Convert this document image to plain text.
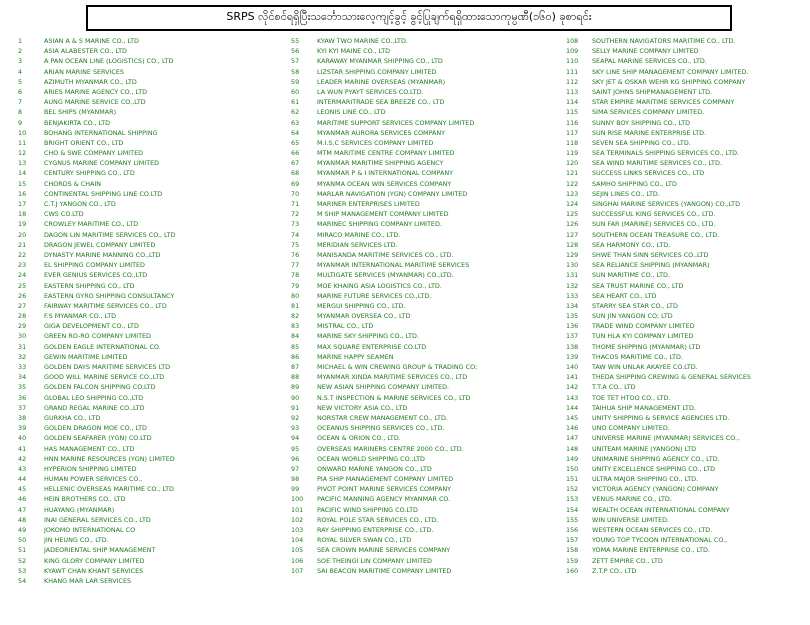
SRPS လိုင်စင်ရရှိပြီးသင်္ဘောသားလေ့ကျင့်ခွင့် ခွင့်ပြုချက်ရရှိထားသောကုမ္ပဏီ(၁၆၀) ခုစာရင်း
1	ASIAN A & S MARINE CO., LTD
2	ASIA ALABESTER CO., LTD
3	A PAN OCEAN LINE (LOGISTICS) CO., LTD
4	ARIAN MARINE SERVICES
5	AZIMUTH MYANMAR CO., LTD
6	ARIES MARINE AGENCY CO., LTD
7	AUNG MARINE SERVICE CO.,LTD
8	BEL SHIPS (MYANMAR)
9	BENJAKIRTA CO., LTD
10	BOHANG INTERNATIONAL SHIPPING
11	BRIGHT ORIENT CO., LTD
12	CHO & SWE COMPANY LIMITED
13	CYGNUS MARINE COMPANY LIMITED
14	CENTURY SHIPPING CO., LTD
15	CHORDS & CHAIN
16	CONTINENTAL SHIPPING LINE CO.LTD
17	C.T.J YANGON CO., LTD
18	CWS CO.LTD
19	CROWLEY MARITIME CO., LTD
20	DAGON LIN MARITIME SERVICES CO., LTD
21	DRAGON JEWEL COMPANY LIMITED
22	DYNASTY MARINE MANNING CO.,LTD
23	EL SHIPPING COMPANY LIMITED
24	EVER GENIUS SERVICES CO.,LTD
25	EASTERN SHIPPING CO., LTD
26	EASTERN GYRO SHIPPING CONSULTANCY
27	FAIRWAY MARITIME SERVICES CO., LTD
28	F.S MYANMAR CO., LTD
29	GIGA DEVELOPMENT CO., LTD
30	GREEN RO-RO COMPANY LIMITED
31	GOLDEN EAGLE INTERNATIONAL CO.
32	GEWIN MARITIME LIMITED
33	GOLDEN DAYS MARITIME SERVICES LTD
34	GOOD WILL MARINE SERVICE CO.,LTD
35	GOLDEN FALCON SHIPPING CO.LTD
36	GLOBAL LEO SHIPPING CO.,LTD
37	GRAND REGAL MARINE CO.,LTD
38	GURKHA CO., LTD
39	GOLDEN DRAGON MOE CO., LTD
40	GOLDEN SEAFARER (YGN) CO.LTD
41	HAS MANAGEMENT CO., LTD
42	HNN MARINE RESOURCES (YGN) LIMITED
43	HYPERION SHIPPING LIMITED
44	HUMAN POWER SERVICES CO.,
45	HELLENIC OVERSEAS MARITIME CO., LTD
46	HEIN BROTHERS CO., LTD
47	HUAYANG (MYANMAR)
48	INAI GENERAL SERVICES CO., LTD
49	JOKOMO INTERNATIONAL CO
50	JIN HEUNG CO., LTD.
51	JADEORIENTAL SHIP MANAGEMENT
52	KING GLORY COMPANY LIMITED
53	KYAWT CHAN KHANT SERVICES
54	KHANG MAR LAR SERVICES
55	KYAW TWO MARINE CO.,LTD.
56	KYI KYI MAINE CO., LTD
57	KARAWAY MYANMAR SHIPPING CO., LTD
58	LIZSTAR SHIPPING COMPANY LIMITED
59	LEADER MARINE OVERSEAS (MYANMAR)
60	LA WUN PYAYT SERVICES CO.LTD.
61	INTERMARITRADE SEA BREEZE CO., LTD
62	LEONIS LINE CO., LTD
63	MARITIME SUPPORT SERVICES COMPANY LIMITED
64	MYANMAR AURORA SERVICES COMPANY
65	M.I.S.C SERVICES COMPANY LIMITED
66	MTM MARITIME CENTRE COMPANY LIMITED
67	MYANMAR MARITIME SHIPPING AGENCY
68	MYANMAR P & I INTERNATIONAL COMPANY
69	MYANMA OCEAN WIN SERVICES COMPANY
70	MARLAR NAVIGATION (YGN) COMPANY LIMITED
71	MARINER ENTERPRISES LIMITED
72	M SHIP MANAGEMENT COMPANY LIMITED
73	MARINEC SHIPPING COMPANY LIMITED.
74	MIRACO MARINE CO., LTD.
75	MERIDIAN SERVICES LTD.
76	MANISANDA MARITIME SERVICES CO., LTD.
77	MYANMAR INTERNATIONAL MARITIME SERVICES
78	MULTIGATE SERVICES (MYANMAR) CO.,LTD.
79	MOE KHAING ASIA LOGISTICS CO., LTD.
80	MARINE FUTURE SERVICES CO.,LTD.
81	MERGUI SHIPPING CO., LTD.
82	MYANMAR OVERSEA CO., LTD
83	MISTRAL CO., LTD
84	MARINE SKY SHIPPING CO., LTD.
85	MAX SQUARE ENTERPRISE CO.LTD
86	MARINE HAPPY SEAMEN
87	MICHAEL & WIN CREWING GROUP & TRADING CO;
88	MYANMAR XINDA MARITIME SERVICES CO., LTD
89	NEW ASIAN SHIPPING COMPANY LIMITED.
90	N.S.T INSPECTION & MARINE SERVICES CO., LTD
91	NEW VICTORY ASIA CO., LTD
92	NORSTAR CREW MANAGEMENT CO., LTD.
93	OCEANUS SHIPPING SERVICES CO., LTD.
94	OCEAN & ORION CO., LTD.
95	OVERSEAS MARINERS CENTRE 2000 CO., LTD.
96	OCEAN WORLD SHIPPING CO.,LTD
97	ONWARD MARINE YANGON CO., LTD
98	PIA SHIP MANAGEMENT COMPANY LIMITED
99	PIVOT POINT MARINE SERVICES COMPANY
100	PACIFIC MANNING AGENCY MYANMAR CO.
101	PACIFIC WIND SHIPPING CO.LTD
102	ROYAL POLE STAR SERVICES CO., LTD.
103	RAY SHIPPING ENTERPRISE CO., LTD.
104	ROYAL SILVER SWAN CO., LTD
105	SEA CROWN MARINE SERVICES COMPANY
106	SOE THEINGI LIN COMPANY LIMITED
107	SAI BEACON MARITIME COMPANY LIMITED
108	SOUTHERN NAVIGATORS MARITIME CO., LTD.
109	SELLY MARINE COMPANY LIMITED
110	SEAPAL MARINE SERVICES CO., LTD.
111	SKY LINE SHIP MANAGEMENT COMPANY LIMITED.
112	SKY JET & OSKAR WEHR KG SHIPPING COMPANY
113	SAINT JOHNS SHIPMANAGEMENT LTD.
114	STAR EMPIRE MARITIME SERVICES COMPANY
115	SIMA SERVICES COMPANY LIMITED.
116	SUNNY BOY SHIPPING CO., LTD
117	SUN RISE MARINE ENTERPRISE LTD.
118	SEVEN SEA SHIPPING CO., LTD.
119	SEA TERMINALS SHIPPING SERVICES CO., LTD.
120	SEA WIND MARITIME SERVICES CO., LTD.
121	SUCCESS LINKS SERVICES CO., LTD
122	SAMHO SHIPPING CO., LTD
123	SEJIN LINES CO., LTD.
124	SINGHAI MARINE SERVICES (YANGON) CO.,LTD
125	SUCCESSFUL KING SERVICES CO., LTD.
126	SUN FAR (MARINE) SERVICES CO., LTD.
127	SOUTHERN OCEAN TREASURE CO., LTD.
128	SEA HARMONY CO., LTD.
129	SHWE THAN SINN SERVICES CO.,LTD
130	SEA RELIANCE SHIPPING (MYANMAR)
131	SUN MARITIME CO., LTD.
132	SEA TRUST MARINE CO., LTD
133	SEA HEART CO., LTD
134	STARRY SEA STAR CO., LTD
135	SUN JIN YANGON CO; LTD
136	TRADE WIND COMPANY LIMITED
137	TUN HLA KYI COMPANY LIMITED
138	THOME SHIPPING (MYANMAR) LTD
139	THACOS MARITIME CO., LTD.
140	TAW WIN UNLAK AKAYEE CO.LTD.
141	THEDA SHIPPING CREWING & GENERAL SERVICES
142	T.T.A CO., LTD
143	TOE TET HTOO CO., LTD.
144	TAIHUA SHIP MANAGEMENT LTD.
145	UNITY SHIPPING & SERVICE AGENCIES LTD.
146	UNO COMPANY LIMITED.
147	UNIVERSE MARINE (MYANMAR) SERVICES CO.,
148	UNITEAM MARINE (YANGON) LTD
149	UNIMARINE SHIPPING AGENCY CO., LTD.
150	UNITY EXCELLENCE SHIPPING CO., LTD
151	ULTRA MAJOR SHIPPING CO., LTD.
152	VICTORIA AGENCY (YANGON) COMPANY
153	VENUS MARINE CO., LTD.
154	WEALTH OCEAN INTERNATIONAL COMPANY
155	WIN UNIVERSE LIMITED.
156	WESTERN OCEAN SERVICES CO., LTD.
157	YOUNG TOP TYCOON INTERNATIONAL CO.,
158	YOMA MARINE ENTERPRISE CO., LTD.
159	ZETT EMPIRE CO., LTD
160	Z.T.P CO., LTD
